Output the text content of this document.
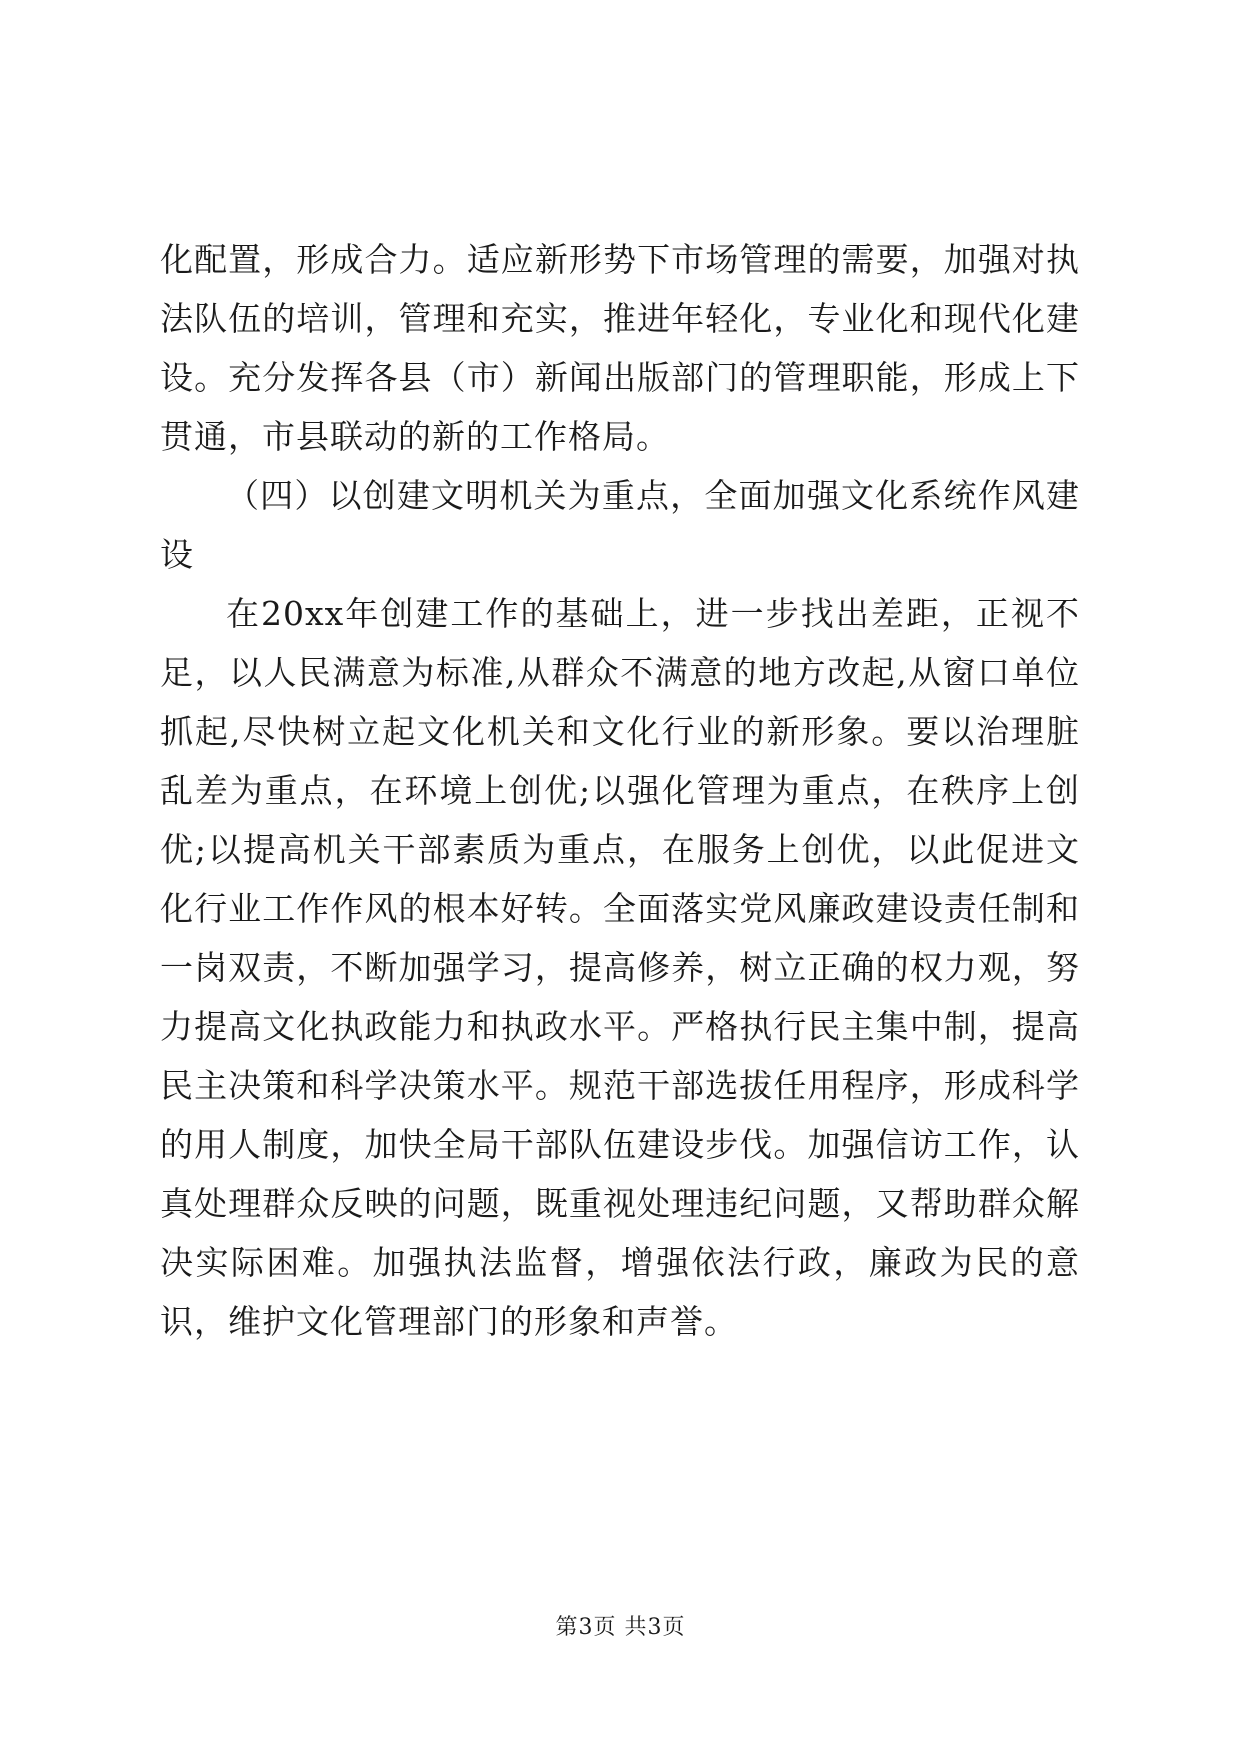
化配置，形成合力。适应新形势下市场管理的需要，加强对执法队伍的培训，管理和充实，推进年轻化，专业化和现代化建设。充分发挥各县（市）新闻出版部门的管理职能，形成上下贯通，市县联动的新的工作格局。

（四）以创建文明机关为重点，全面加强文化系统作风建设

在20xx年创建工作的基础上，进一步找出差距，正视不足，以人民满意为标准,从群众不满意的地方改起,从窗口单位抓起,尽快树立起文化机关和文化行业的新形象。要以治理脏乱差为重点，在环境上创优;以强化管理为重点，在秩序上创优;以提高机关干部素质为重点，在服务上创优，以此促进文化行业工作作风的根本好转。全面落实党风廉政建设责任制和一岗双责，不断加强学习，提高修养，树立正确的权力观，努力提高文化执政能力和执政水平。严格执行民主集中制，提高民主决策和科学决策水平。规范干部选拔任用程序，形成科学的用人制度，加快全局干部队伍建设步伐。加强信访工作，认真处理群众反映的问题，既重视处理违纪问题，又帮助群众解决实际困难。加强执法监督，增强依法行政，廉政为民的意识，维护文化管理部门的形象和声誉。

第3页 共3页
